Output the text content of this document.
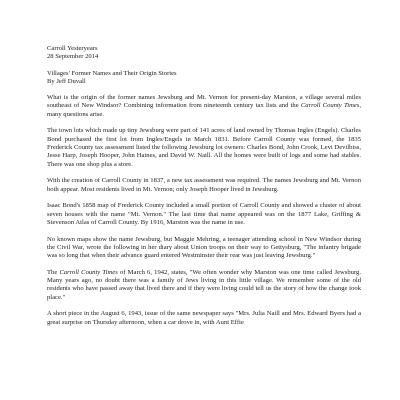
Carroll Yesteryears
28 September 2014
Villages' Former Names and Their Origin Stories
By Jeff Duvall

What is the origin of the former names Jewsburg and Mt. Vernon for present-day Marston, a village several miles southeast of New Windsor? Combining information from nineteenth century tax lists and the Carroll County Times, many questions arise.

The town lots which made up tiny Jewsburg were part of 141 acres of land owned by Thomas Ingles (Engels). Charles Bond purchased the first lot from Ingles/Engels in March 1831. Before Carroll County was formed, the 1835 Frederick County tax assessment listed the following Jewsburg lot owners: Charles Bond, John Crook, Levi Devilbiss, Jesse Harp, Joseph Hooper, John Haines, and David W. Naill. All the homes were built of logs and some had stables. There was one shop plus a store.

With the creation of Carroll County in 1837, a new tax assessment was required. The names Jewsburg and Mt. Vernon both appear. Most residents lived in Mt. Vernon; only Joseph Hooper lived in Jewsburg.

Isaac Bond's 1858 map of Frederick County included a small portion of Carroll County and showed a cluster of about seven houses with the name "Mt. Vernon." The last time that name appeared was on the 1877 Lake, Griffing & Stevenson Atlas of Carroll County. By 1916, Marston was the name in use.

No known maps show the name Jewsburg, but Maggie Mehring, a teenager attending school in New Windsor during the Civil War, wrote the following in her diary about Union troops on their way to Gettysburg, "The infantry brigade was so long that when their advance guard entered Westminster their rear was just leaving Jewsburg."

The Carroll County Times of March 6, 1942, states, "We often wonder why Marston was one time called Jewsburg. Many years ago, no doubt there was a family of Jews living in this little village. We remember some of the old residents who have passed away that lived there and if they were living could tell us the story of how the change took place."

A short piece in the August 6, 1943, issue of the same newspaper says "Mrs. Julia Naill and Mrs. Edward Byers had a great surprise on Thursday afternoon, when a car drove in, with Aunt Effie
